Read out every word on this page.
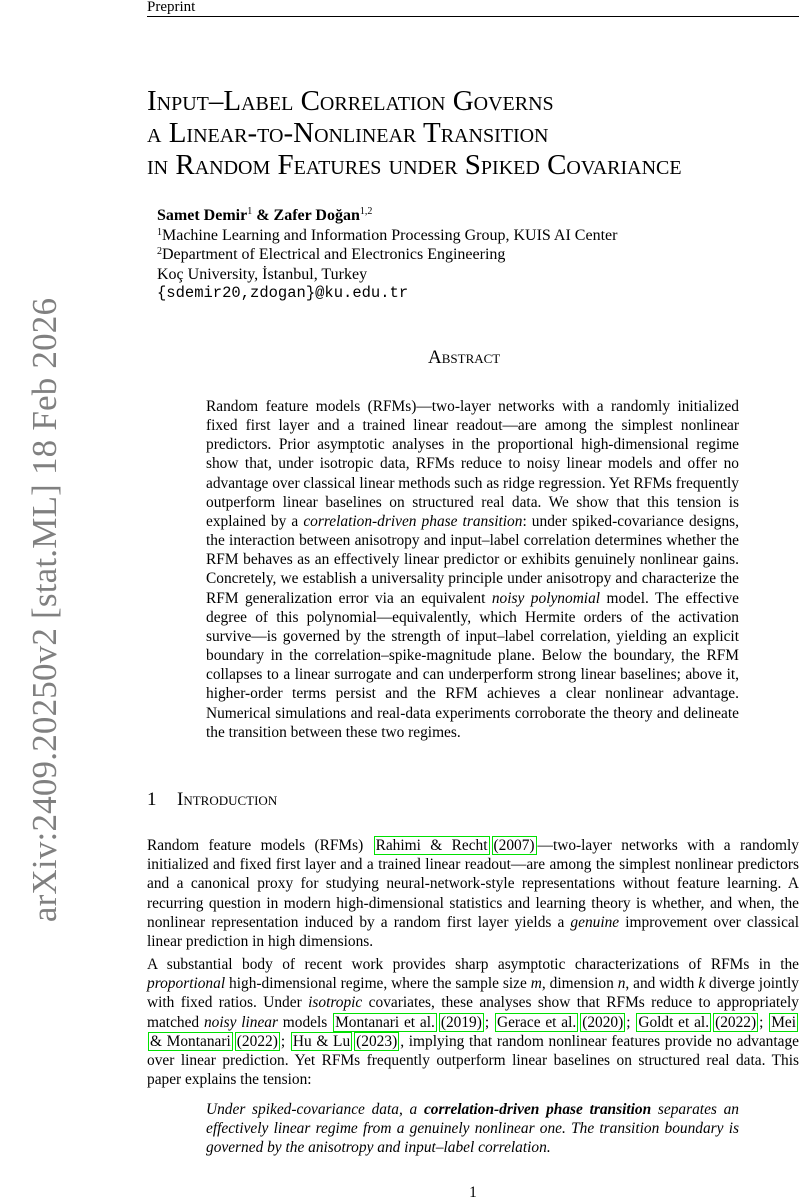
Preprint
arXiv:2409.20250v2 [stat.ML] 18 Feb 2026
Input–Label Correlation Governs
a Linear-to-Nonlinear Transition
in Random Features under Spiked Covariance
Samet Demir$^1$ & Zafer Doğan$^{1,2}$
$^1$Machine Learning and Information Processing Group, KUIS AI Center
$^2$Department of Electrical and Electronics Engineering
Koç University, İstanbul, Turkey
{sdemir20,zdogan}@ku.edu.tr
Abstract

Random feature models (RFMs)—two-layer networks with a randomly initialized fixed first layer and a trained linear readout—are among the simplest nonlinear predictors. Prior asymptotic analyses in the proportional high-dimensional regime show that, under isotropic data, RFMs reduce to noisy linear models and offer no advantage over classical linear methods such as ridge regression. Yet RFMs frequently outperform linear baselines on structured real data. We show that this tension is explained by a correlation-driven phase transition: under spiked-covariance designs, the interaction between anisotropy and input–label correlation determines whether the RFM behaves as an effectively linear predictor or exhibits genuinely nonlinear gains. Concretely, we establish a universality principle under anisotropy and characterize the RFM generalization error via an equivalent noisy polynomial model. The effective degree of this polynomial—equivalently, which Hermite orders of the activation survive—is governed by the strength of input–label correlation, yielding an explicit boundary in the correlation–spike-magnitude plane. Below the boundary, the RFM collapses to a linear surrogate and can underperform strong linear baselines; above it, higher-order terms persist and the RFM achieves a clear nonlinear advantage. Numerical simulations and real-data experiments corroborate the theory and delineate the transition between these two regimes.

1 Introduction

Random feature models (RFMs) Rahimi & Recht (2007) —two-layer networks with a randomly initialized and fixed first layer and a trained linear readout—are among the simplest nonlinear predictors and a canonical proxy for studying neural-network-style representations without feature learning. A recurring question in modern high-dimensional statistics and learning theory is whether, and when, the nonlinear representation induced by a random first layer yields a genuine improvement over classical linear prediction in high dimensions.

A substantial body of recent work provides sharp asymptotic characterizations of RFMs in the proportional high-dimensional regime, where the sample size m, dimension n, and width k diverge jointly with fixed ratios. Under isotropic covariates, these analyses show that RFMs reduce to appropriately matched noisy linear models Montanari et al. (2019) ; Gerace et al. (2020) ; Goldt et al. (2022) ; Mei & Montanari (2022) ; Hu & Lu (2023) , implying that random nonlinear features provide no advantage over linear prediction. Yet RFMs frequently outperform linear baselines on structured real data. This paper explains the tension:

Under spiked-covariance data, a correlation-driven phase transition separates an effectively linear regime from a genuinely nonlinear one. The transition boundary is governed by the anisotropy and input–label correlation.

1
